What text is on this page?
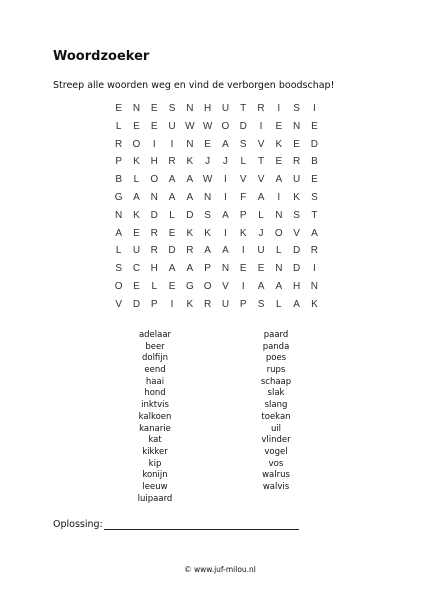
Woordzoeker
Streep alle woorden weg en vind de verborgen boodschap!
E	N	E	S	N	H	U	T	R	I	S	I
L	E	E	U W W O D	I	E	N	E
R O	I	I	N	E	A	S	V	K	E	D
P	K	H	R	K	J	J	L	T	E	R	B
B	L	O	A	A W	I	V	V	A	U	E
G	A	N	A	A	N	I	F	A	I	K	S
N	K	D	L	D	S	A	P	L	N	S	T
A	E	R	E	K	K	I	K	J	O	V	A
L	U	R	D	R	A	A	I	U	L	D	R
S	C	H	A	A	P	N	E	E	N	D	I
O	E	L	E	G O	V	I	A	A	H	N
V	D	P	I	K	R	U	P	S	L	A	K
adelaar
beer
dolfijn
eend
haai
hond
inktvis
kalkoen
kanarie
kat
kikker
kip
konijn
leeuw
luipaard
paard
panda
poes
rups
schaap
slak
slang
toekan
uil
vlinder
vogel
vos
walrus
walvis
Oplossing:
© www.juf-milou.nl
